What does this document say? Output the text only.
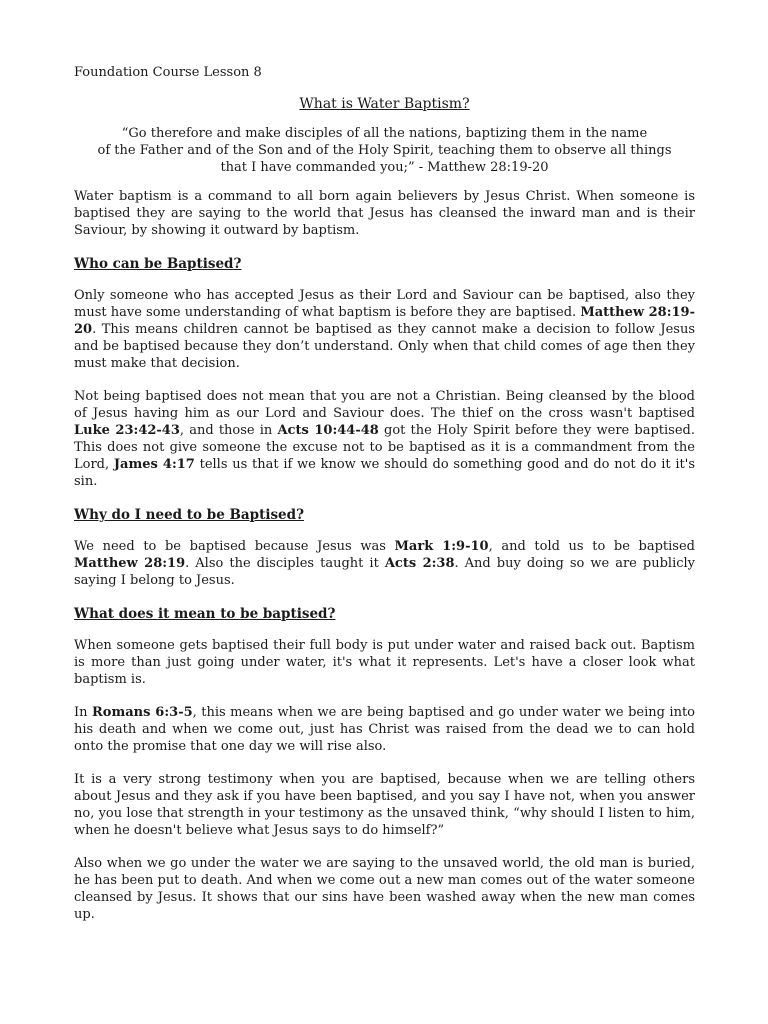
Foundation Course Lesson 8
What is Water Baptism?
“Go therefore and make disciples of all the nations, baptizing them in the name
of the Father and of the Son and of the Holy Spirit, teaching them to observe all things
that I have commanded you;” - Matthew 28:19-20

Water baptism is a command to all born again believers by Jesus Christ. When someone is baptised they are saying to the world that Jesus has cleansed the inward man and is their Saviour, by showing it outward by baptism.

Who can be Baptised?

Only someone who has accepted Jesus as their Lord and Saviour can be baptised, also they must have some understanding of what baptism is before they are baptised. Matthew 28:19-20. This means children cannot be baptised as they cannot make a decision to follow Jesus and be baptised because they don’t understand. Only when that child comes of age then they must make that decision.

Not being baptised does not mean that you are not a Christian. Being cleansed by the blood of Jesus having him as our Lord and Saviour does. The thief on the cross wasn't baptised Luke 23:42-43, and those in Acts 10:44-48 got the Holy Spirit before they were baptised. This does not give someone the excuse not to be baptised as it is a commandment from the Lord, James 4:17 tells us that if we know we should do something good and do not do it it's sin.

Why do I need to be Baptised?

We need to be baptised because Jesus was Mark 1:9-10, and told us to be baptised Matthew 28:19. Also the disciples taught it Acts 2:38. And buy doing so we are publicly saying I belong to Jesus.

What does it mean to be baptised?

When someone gets baptised their full body is put under water and raised back out. Baptism is more than just going under water, it's what it represents. Let's have a closer look what baptism is.

In Romans 6:3-5, this means when we are being baptised and go under water we being into his death and when we come out, just has Christ was raised from the dead we to can hold onto the promise that one day we will rise also.

It is a very strong testimony when you are baptised, because when we are telling others about Jesus and they ask if you have been baptised, and you say I have not, when you answer no, you lose that strength in your testimony as the unsaved think, “why should I listen to him, when he doesn't believe what Jesus says to do himself?”

Also when we go under the water we are saying to the unsaved world, the old man is buried, he has been put to death. And when we come out a new man comes out of the water someone cleansed by Jesus. It shows that our sins have been washed away when the new man comes up.
